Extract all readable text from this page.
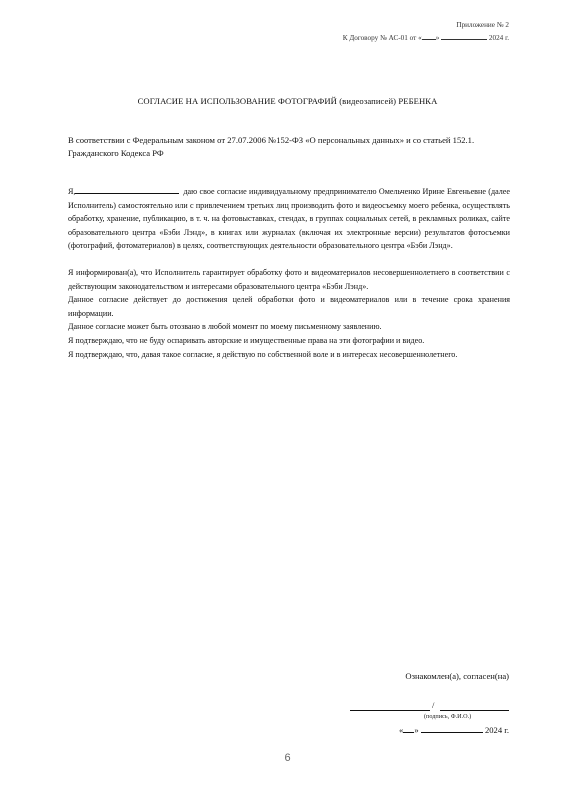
Приложение № 2
К Договору № АС-01 от « »	2024 г.
СОГЛАСИЕ НА ИСПОЛЬЗОВАНИЕ ФОТОГРАФИЙ (видеозаписей) РЕБЕНКА
В соответствии с Федеральным законом от 27.07.2006 №152-ФЗ «О персональных данных» и со статьей 152.1. Гражданского Кодекса РФ

Я,	даю свое согласие индивидуальному предпринимателю Омельченко Ирине Евгеньевне (далее Исполнитель) самостоятельно или с привлечением третьих лиц производить фото и видеосъемку моего ребенка, осуществлять обработку, хранение, публикацию, в т. ч. на фотовыставках, стендах, в группах социальных сетей, в рекламных роликах, сайте образовательного центра «Бэби Лэнд», в книгах или журналах (включая их электронные версии) результатов фотосъемки (фотографий, фотоматериалов) в целях, соответствующих деятельности образовательного центра «Бэби Лэнд».

Я информирован(а), что Исполнитель гарантирует обработку фото и видеоматериалов несовершеннолетнего в соответствии с действующим законодательством и интересами образовательного центра «Бэби Лэнд».

Данное согласие действует до достижения целей обработки фото и видеоматериалов или в течение срока хранения информации.

Данное согласие может быть отозвано в любой момент по моему письменному заявлению.

Я подтверждаю, что не буду оспаривать авторские и имущественные права на эти фотографии и видео.

Я подтверждаю, что, давая такое согласие, я действую по собственной воле и в интересах несовершеннолетнего.

Ознакомлен(а), согласен(на)
/
(подпись, Ф.И.О.)
« »	2024 г.
6
